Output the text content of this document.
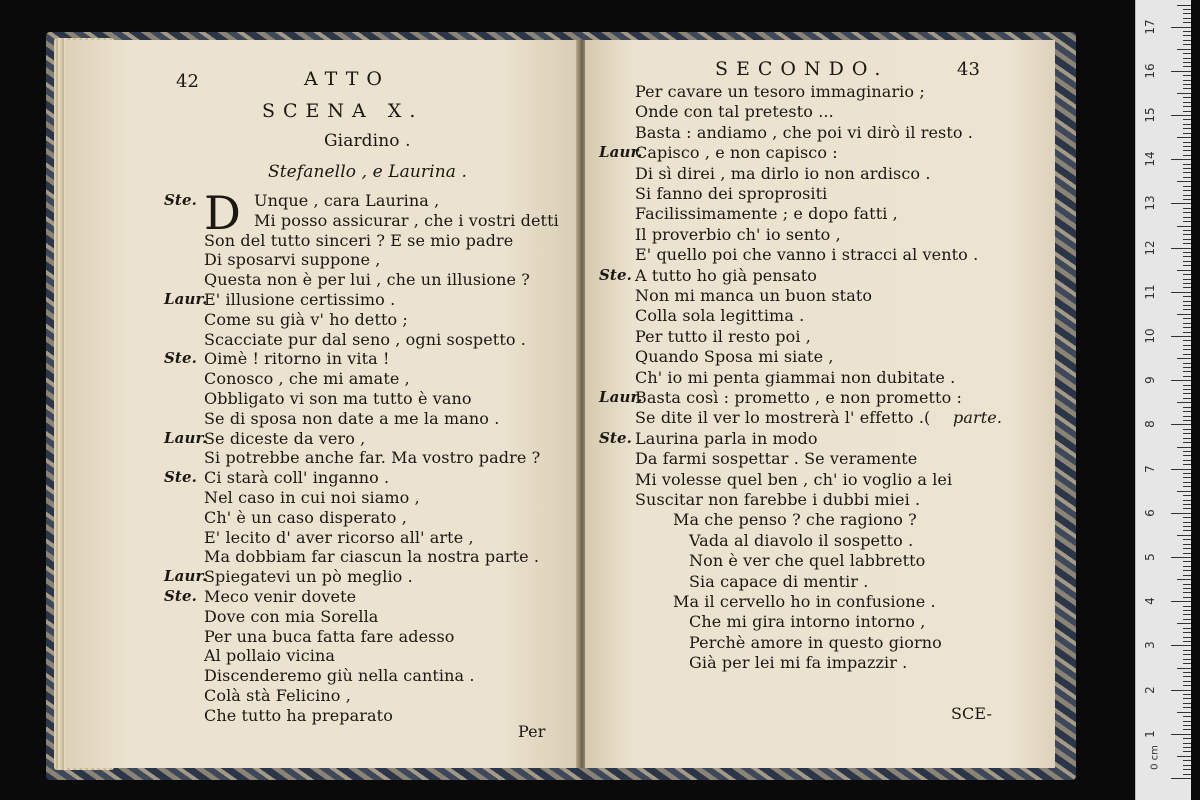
42	ATTO
SCENA X.
Giardino .
Stefanello , e Laurina .
D
Ste.	Unque , cara Laurina ,
Mi posso assicurar , che i vostri detti
Son del tutto sinceri ? E se mio padre
Di sposarvi suppone ,
Questa non è per lui , che un illusione ?
Laur.
E' illusione certissimo .
Come su già v' ho detto ;
Scacciate pur dal seno , ogni sospetto .
Ste. Oimè ! ritorno in vita !
Conosco , che mi amate ,
Obbligato vi son ma tutto è vano
Se di sposa non date a me la mano .
Laur.
Se diceste da vero ,
Si potrebbe anche far. Ma vostro padre ?
Ste. Ci starà coll' inganno .
Nel caso in cui noi siamo ,
Ch' è un caso disperato ,
E' lecito d' aver ricorso all' arte ,
Ma dobbiam far ciascun la nostra parte .
Laur.
Spiegatevi un pò meglio .
Ste. Meco venir dovete
Dove con mia Sorella
Per una buca fatta fare adesso
Al pollaio vicina
Discenderemo giù nella cantina .
Colà stà Felicino ,
Che tutto ha preparato
Per
SECONDO.	43
Per cavare un tesoro immaginario ;
Onde con tal pretesto ...
Basta : andiamo , che poi vi dirò il resto .
Laur.
Capisco , e non capisco :
Di sì direi , ma dirlo io non ardisco .
Si fanno dei sproprositi
Facilissimamente ; e dopo fatti ,
Il proverbio ch' io sento ,
E' quello poi che vanno i stracci al vento .
Ste. A tutto ho già pensato
Non mi manca un buon stato
Colla sola legittima .
Per tutto il resto poi ,
Quando Sposa mi siate ,
Ch' io mi penta giammai non dubitate .
Laur.
Basta così : prometto , e non prometto :
Se dite il ver lo mostrerà l' effetto .( parte.
Ste. Laurina parla in modo
Da farmi sospettar . Se veramente
Mi volesse quel ben , ch' io voglio a lei
Suscitar non farebbe i dubbi miei .
Ma che penso ? che ragiono ?
Vada al diavolo il sospetto .
Non è ver che quel labbretto
Sia capace di mentir .
Ma il cervello ho in confusione .
Che mi gira intorno intorno ,
Perchè amore in questo giorno
Già per lei mi fa impazzir .
SCE-
0 cm
1
2
3
4
5
6
7
8
9
10
11
12
13
14
15
16
17
